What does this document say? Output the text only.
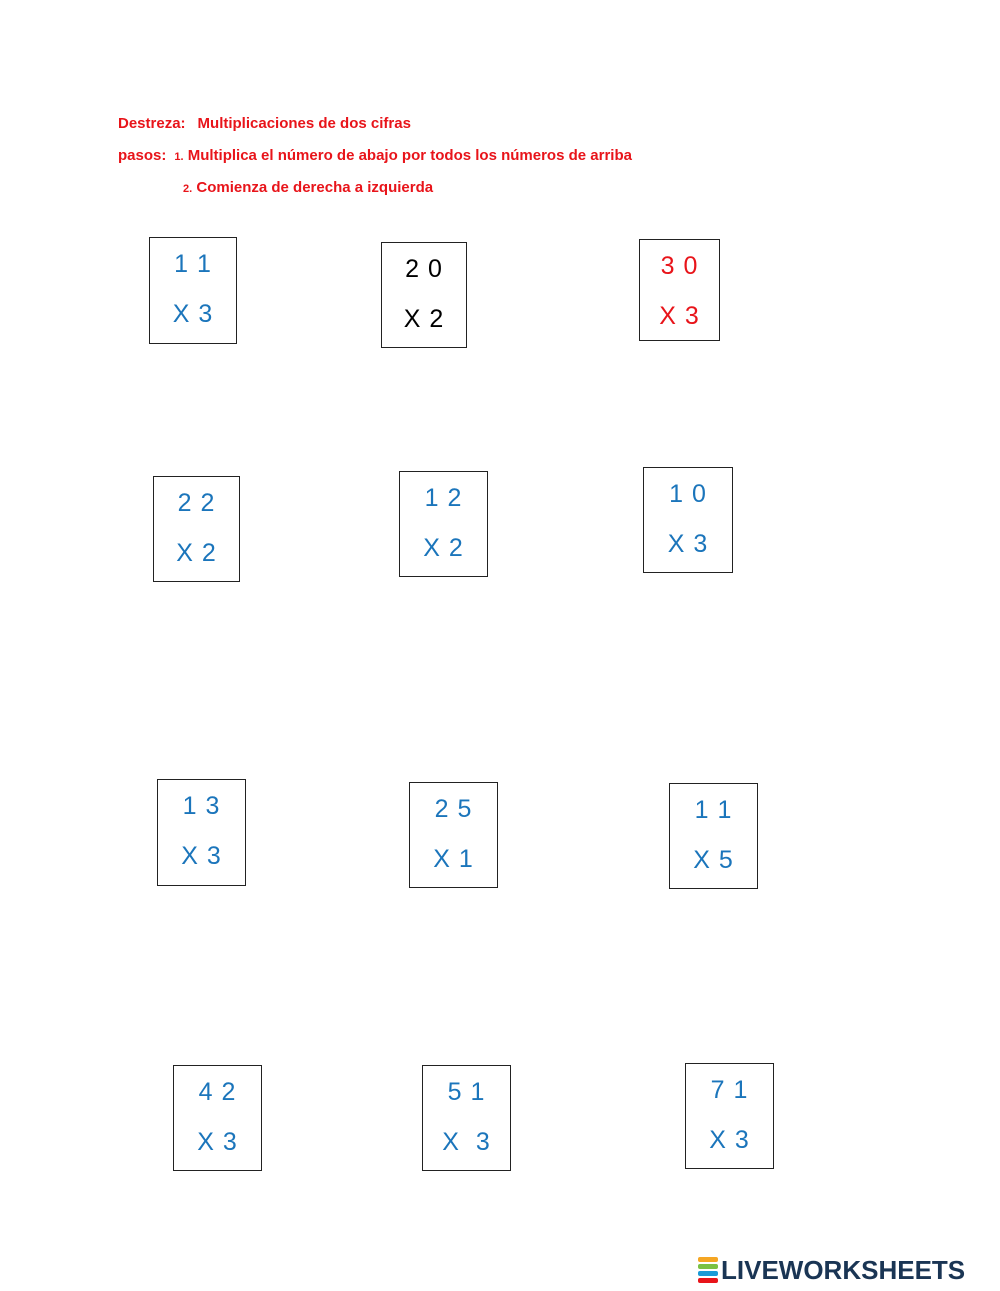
Destreza: Multiplicaciones de dos cifras
pasos: 1. Multiplica el número de abajo por todos los números de arriba
2. Comienza de derecha a izquierda
1 1
X 3
2 0
X 2
3 0
X 3
2 2
X 2
1 2
X 2
1 0
X 3
1 3
X 3
2 5
X 1
1 1
X 5
4 2
X 3
5 1
X  3
7 1
X 3
LIVEWORKSHEETS
